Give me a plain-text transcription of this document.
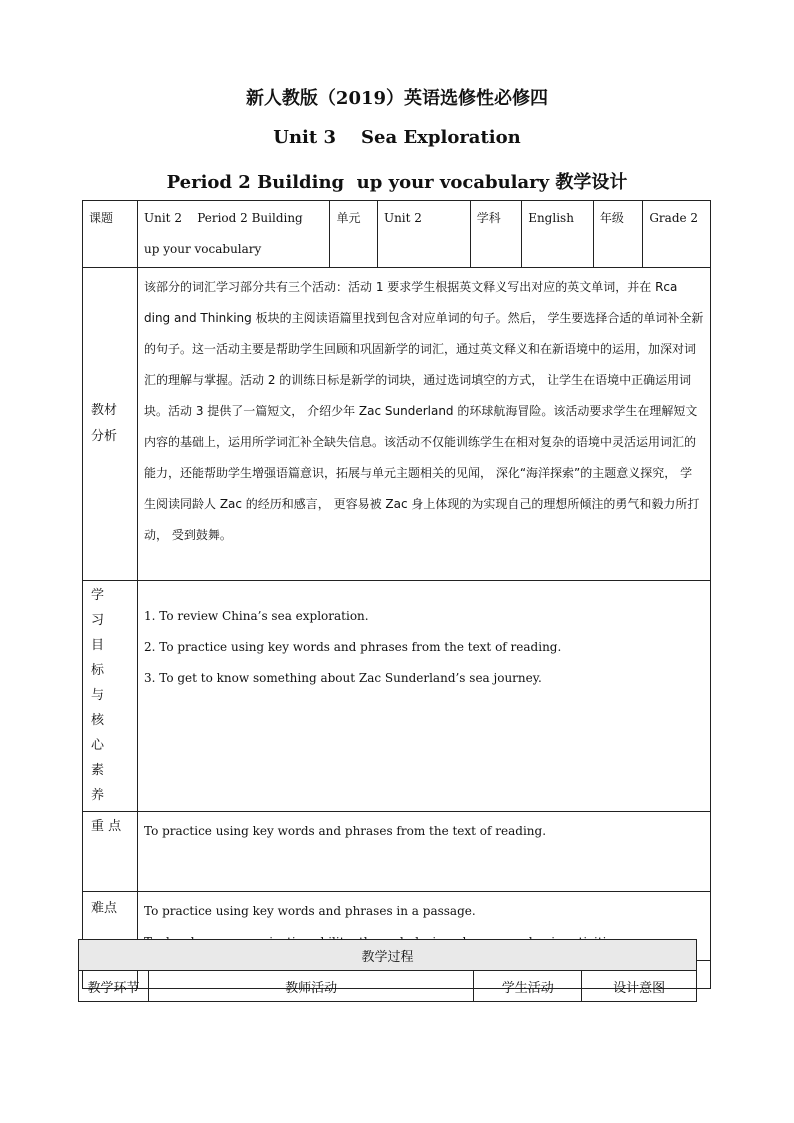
新人教版（2019）英语选修性必修四
Unit 3    Sea Exploration
Period 2 Building  up your vocabulary 教学设计
课题	Unit 2    Period 2 Building  up your vocabulary	单元	Unit 2	学科	English	年级	Grade 2
教材分析	该部分的词汇学习部分共有三个活动：活动 1 要求学生根据英文释义写出对应的英文单词，并在 Rca ding and Thinking 板块的主阅读语篇里找到包含对应单词的句子。然后， 学生要选择合适的单词补全新的句子。这一活动主要是帮助学生回顾和巩固新学的词汇，通过英文释义和在新语境中的运用，加深对词汇的理解与掌握。活动 2 的训练日标是新学的词块，通过选词填空的方式， 让学生在语境中正确运用词块。活动 3 提供了一篇短文， 介绍少年 Zac Sunderland 的环球航海冒险。该活动要求学生在理解短文内容的基础上，运用所学词汇补全缺失信息。该活动不仅能训练学生在相对复杂的语境中灵活运用词汇的能力，还能帮助学生增强语篇意识，拓展与单元主题相关的见闻， 深化“海洋探索”的主题意义探究， 学生阅读同龄人 Zac 的经历和感言， 更容易被 Zac 身上体现的为实现自己的理想所倾注的勇气和毅力所打动， 受到鼓舞。						
学习目标与核心素养	1. To review China’s sea exploration.
2. To practice using key words and phrases from the text of reading.
3. To get to know something about Zac Sunderland’s sea journey.						

重 点	To practice using key words and phrases from the text of reading.						
难点	To practice using key words and phrases in a passage.						

教学过程
教学环节	教师活动	学生活动	设计意图
